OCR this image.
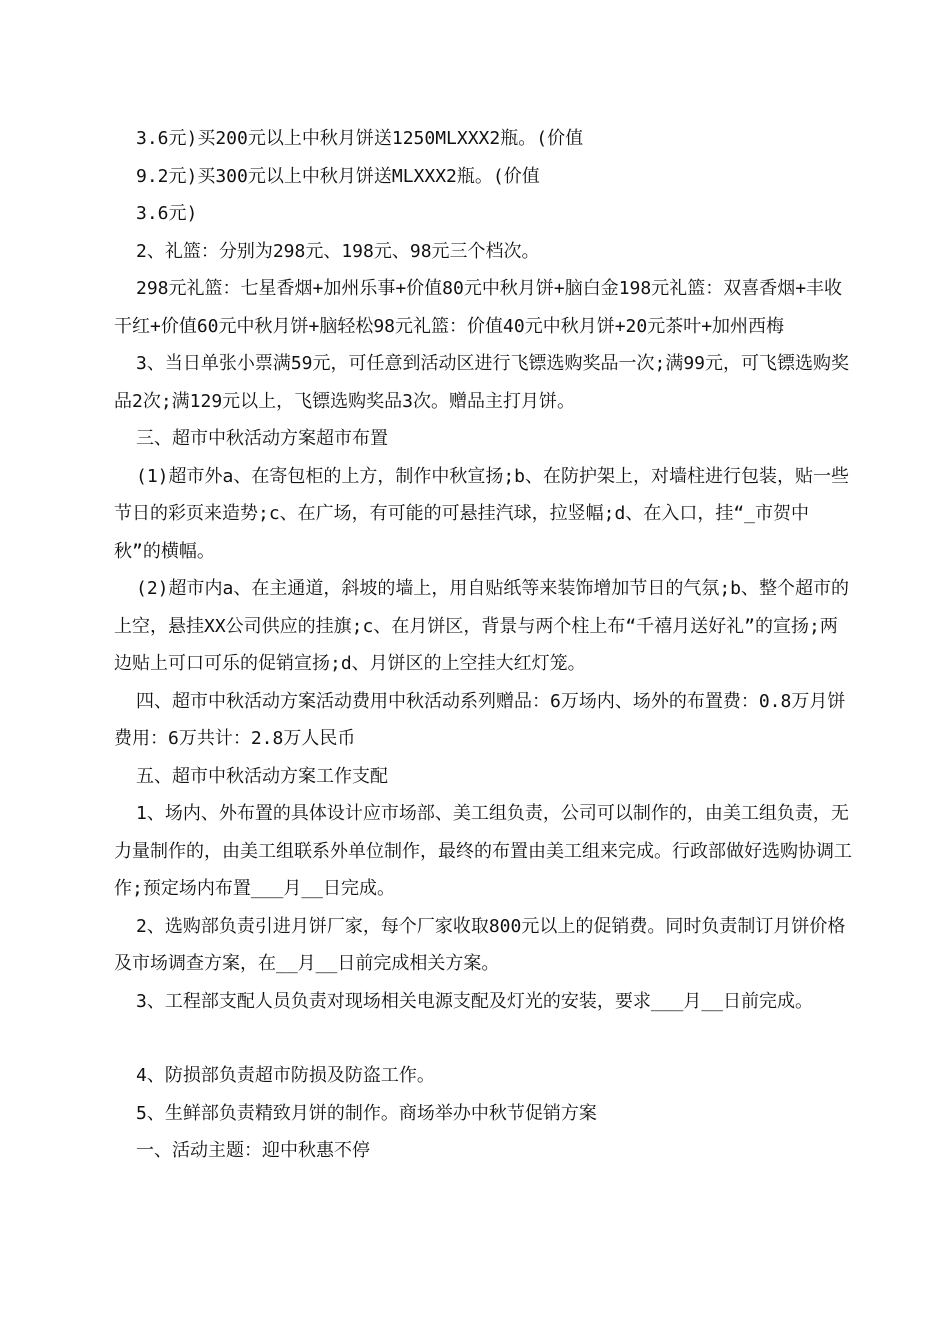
3.6元)买200元以上中秋月饼送1250MLXXX2瓶。(价值

9.2元)买300元以上中秋月饼送MLXXX2瓶。(价值

3.6元)

2、礼篮：分别为298元、198元、98元三个档次。

298元礼篮：七星香烟+加州乐事+价值80元中秋月饼+脑白金198元礼篮：双喜香烟+丰收干红+价值60元中秋月饼+脑轻松98元礼篮：价值40元中秋月饼+20元茶叶+加州西梅

3、当日单张小票满59元，可任意到活动区进行飞镖选购奖品一次;满99元，可飞镖选购奖品2次;满129元以上，飞镖选购奖品3次。赠品主打月饼。

三、超市中秋活动方案超市布置

(1)超市外a、在寄包柜的上方，制作中秋宣扬;b、在防护架上，对墙柱进行包装，贴一些节日的彩页来造势;c、在广场，有可能的可悬挂汽球，拉竖幅;d、在入口，挂“_市贺中秋”的横幅。

(2)超市内a、在主通道，斜坡的墙上，用自贴纸等来装饰增加节日的气氛;b、整个超市的上空，悬挂XX公司供应的挂旗;c、在月饼区，背景与两个柱上布“千禧月送好礼”的宣扬;两边贴上可口可乐的促销宣扬;d、月饼区的上空挂大红灯笼。

四、超市中秋活动方案活动费用中秋活动系列赠品：6万场内、场外的布置费：0.8万月饼费用：6万共计：2.8万人民币

五、超市中秋活动方案工作支配

1、场内、外布置的具体设计应市场部、美工组负责，公司可以制作的，由美工组负责，无力量制作的，由美工组联系外单位制作，最终的布置由美工组来完成。行政部做好选购协调工作;预定场内布置___月__日完成。

2、选购部负责引进月饼厂家，每个厂家收取800元以上的促销费。同时负责制订月饼价格及市场调查方案，在__月__日前完成相关方案。

3、工程部支配人员负责对现场相关电源支配及灯光的安装，要求___月__日前完成。

4、防损部负责超市防损及防盗工作。

5、生鲜部负责精致月饼的制作。商场举办中秋节促销方案

一、活动主题：迎中秋惠不停
